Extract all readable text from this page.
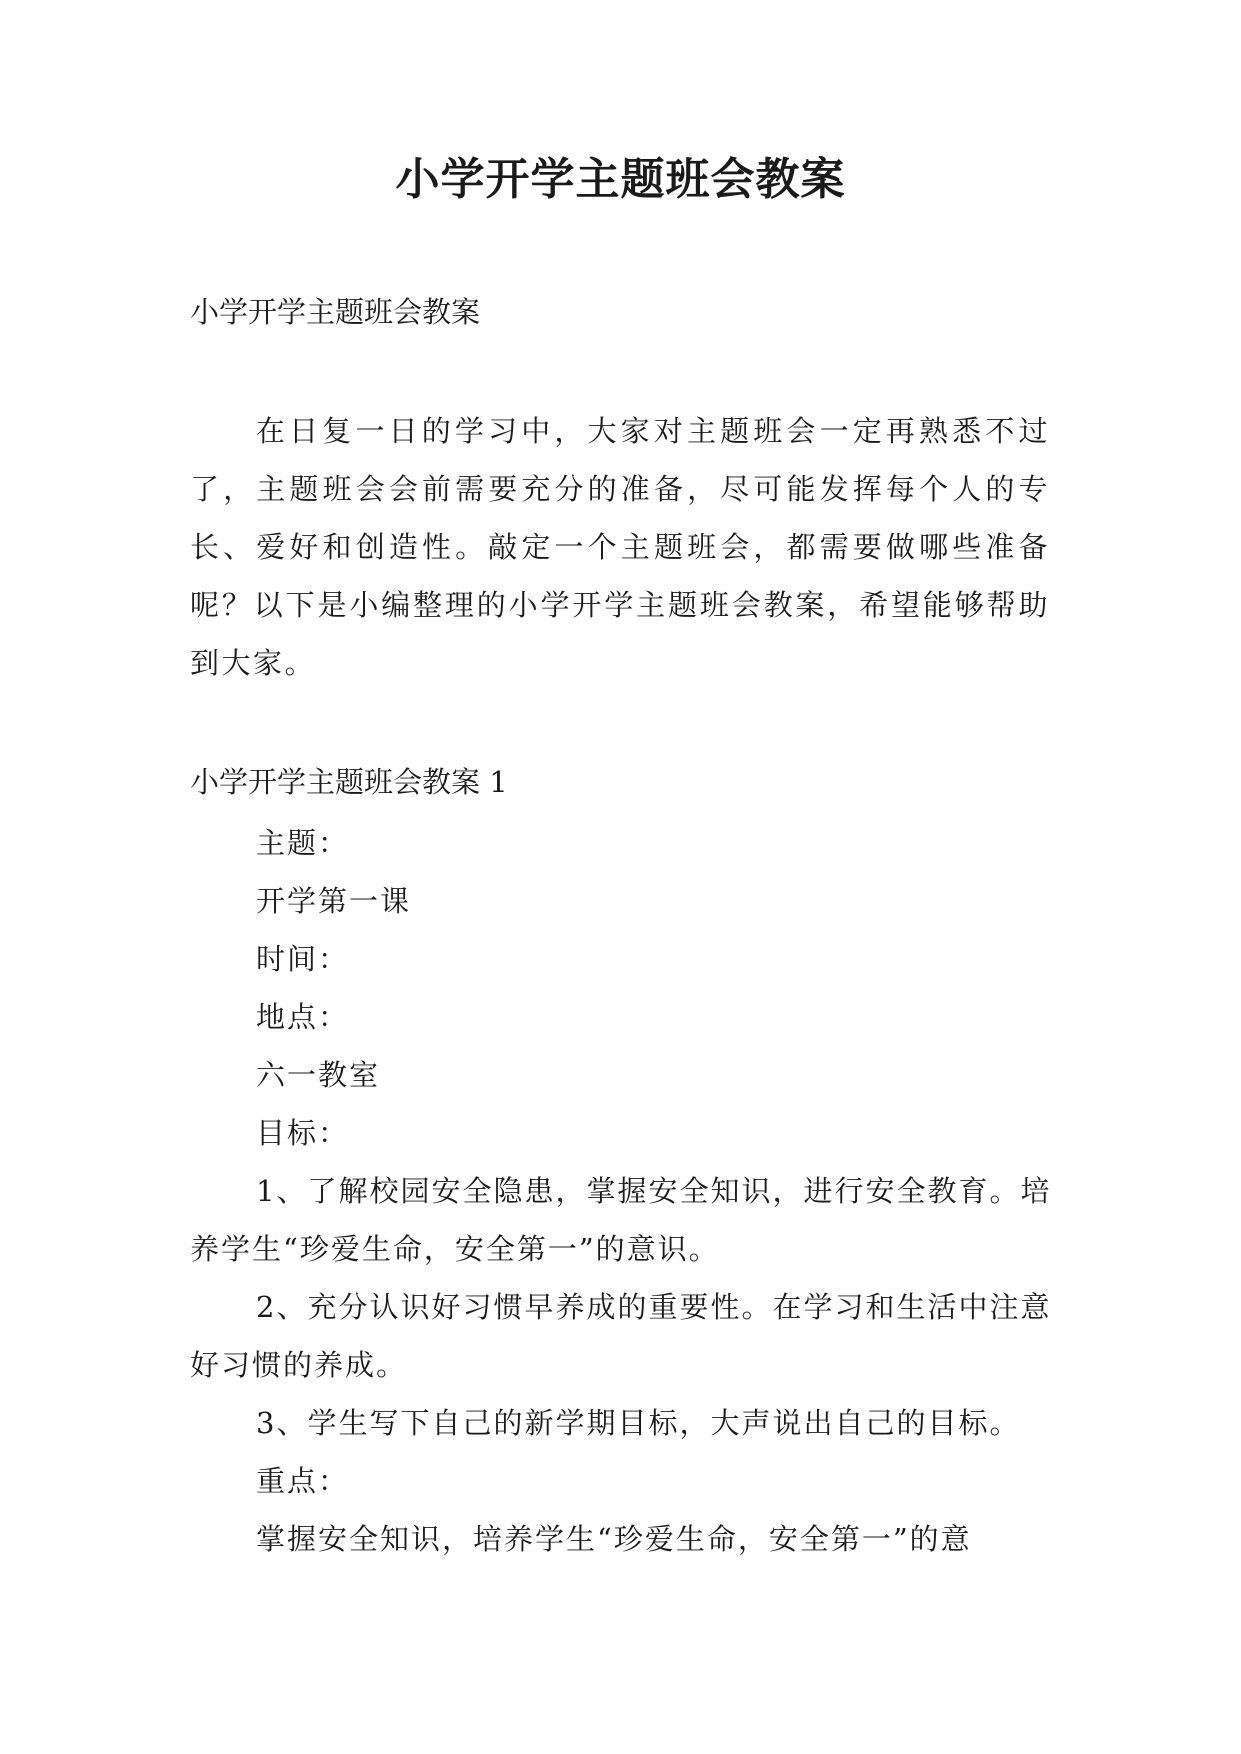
小学开学主题班会教案
小学开学主题班会教案

在日复一日的学习中，大家对主题班会一定再熟悉不过了，主题班会会前需要充分的准备，尽可能发挥每个人的专长、爱好和创造性。敲定一个主题班会，都需要做哪些准备呢？以下是小编整理的小学开学主题班会教案，希望能够帮助到大家。

小学开学主题班会教案 1

主题：

开学第一课

时间：

地点：

六一教室

目标：

1、了解校园安全隐患，掌握安全知识，进行安全教育。培养学生“珍爱生命，安全第一”的意识。

2、充分认识好习惯早养成的重要性。在学习和生活中注意好习惯的养成。

3、学生写下自己的新学期目标，大声说出自己的目标。

重点：

掌握安全知识，培养学生“珍爱生命，安全第一”的意
